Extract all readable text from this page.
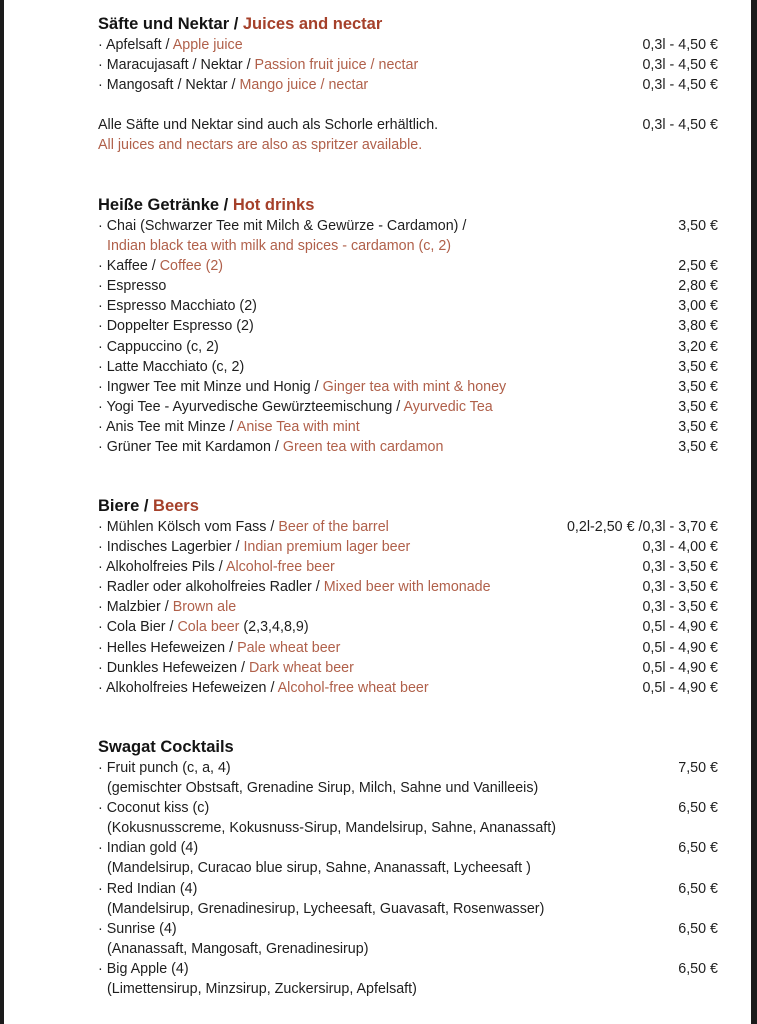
Säfte und Nektar / Juices and nectar
· Apfelsaft / Apple juice	0,3l - 4,50 €
· Maracujasaft / Nektar / Passion fruit juice / nectar	0,3l - 4,50 €
· Mangosaft / Nektar / Mango juice / nectar	0,3l - 4,50 €
Alle Säfte und Nektar sind auch als Schorle erhältlich.	0,3l - 4,50 €
All juices and nectars are also as spritzer available.
Heiße Getränke / Hot drinks
· Chai (Schwarzer Tee mit Milch & Gewürze - Cardamon) /	3,50 €
Indian black tea with milk and spices - cardamon (c, 2)
· Kaffee / Coffee (2)	2,50 €
· Espresso	2,80 €
· Espresso Macchiato (2)	3,00 €
· Doppelter Espresso (2)	3,80 €
· Cappuccino (c, 2)	3,20 €
· Latte Macchiato (c, 2)	3,50 €
· Ingwer Tee mit Minze und Honig / Ginger tea with mint & honey	3,50 €
· Yogi Tee - Ayurvedische Gewürzteemischung / Ayurvedic Tea	3,50 €
· Anis Tee mit Minze / Anise Tea with mint	3,50 €
· Grüner Tee mit Kardamon / Green tea with cardamon	3,50 €
Biere / Beers
· Mühlen Kölsch vom Fass / Beer of the barrel	0,2l-2,50 € /0,3l - 3,70 €
· Indisches Lagerbier / Indian premium lager beer	0,3l - 4,00 €
· Alkoholfreies Pils / Alcohol-free beer	0,3l - 3,50 €
· Radler oder alkoholfreies Radler / Mixed beer with lemonade	0,3l - 3,50 €
· Malzbier / Brown ale	0,3l - 3,50 €
· Cola Bier / Cola beer (2,3,4,8,9)	0,5l - 4,90 €
· Helles Hefeweizen / Pale wheat beer	0,5l - 4,90 €
· Dunkles Hefeweizen / Dark wheat beer	0,5l - 4,90 €
· Alkoholfreies Hefeweizen / Alcohol-free wheat beer	0,5l - 4,90 €
Swagat Cocktails
· Fruit punch (c, a, 4)	7,50 €
(gemischter Obstsaft, Grenadine Sirup, Milch, Sahne und Vanilleeis)
· Coconut kiss (c)	6,50 €
(Kokusnusscreme, Kokusnuss-Sirup, Mandelsirup, Sahne, Ananassaft)
· Indian gold (4)	6,50 €
(Mandelsirup, Curacao blue sirup, Sahne, Ananassaft, Lycheesaft )
· Red Indian (4)	6,50 €
(Mandelsirup, Grenadinesirup, Lycheesaft, Guavasaft, Rosenwasser)
· Sunrise (4)	6,50 €
(Ananassaft, Mangosaft, Grenadinesirup)
· Big Apple (4)	6,50 €
(Limettensirup, Minzsirup, Zuckersirup, Apfelsaft)
